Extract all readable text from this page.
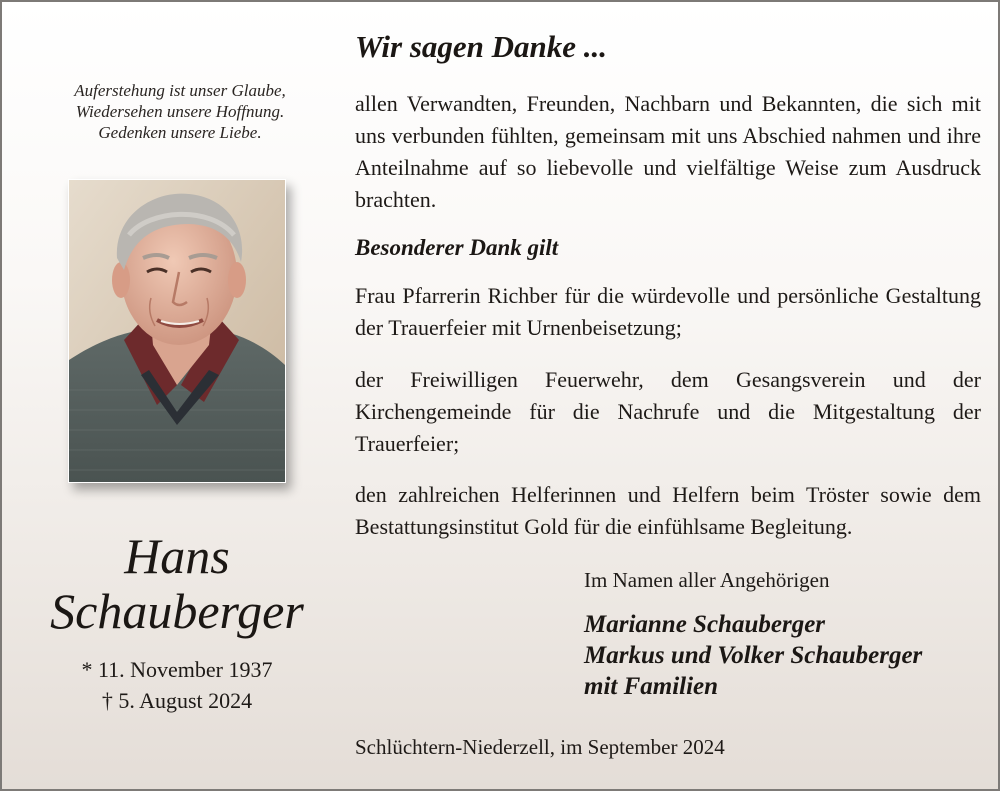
Auferstehung ist unser Glaube,
Wiedersehen unsere Hoffnung.
Gedenken unsere Liebe.
Hans
Schauberger
* 11. November 1937
† 5. August 2024
Wir sagen Danke ...
allen Verwandten, Freunden, Nachbarn und Bekannten, die sich mit uns verbunden fühlten, gemeinsam mit uns Abschied nahmen und ihre Anteilnahme auf so liebevolle und vielfältige Weise zum Ausdruck brachten.
Besonderer Dank gilt
Frau Pfarrerin Richber für die würdevolle und persönliche Gestaltung der Trauerfeier mit Urnenbeisetzung;
der Freiwilligen Feuerwehr, dem Gesangsverein und der Kirchengemeinde für die Nachrufe und die Mitgestaltung der Trauerfeier;
den zahlreichen Helferinnen und Helfern beim Tröster sowie dem Bestattungsinstitut Gold für die einfühlsame Begleitung.
Im Namen aller Angehörigen
Marianne Schauberger
Markus und Volker Schauberger
mit Familien
Schlüchtern-Niederzell, im September 2024
